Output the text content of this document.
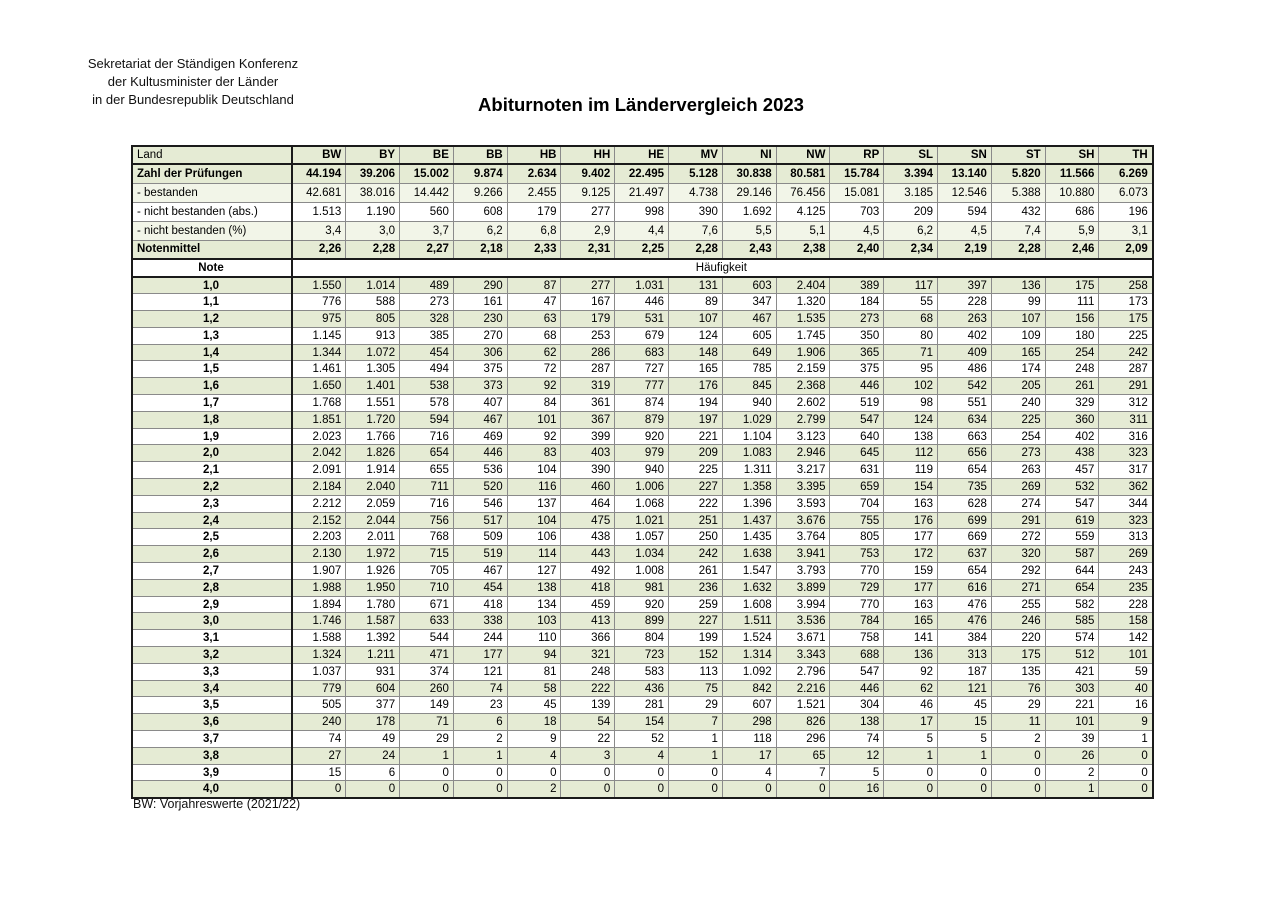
Sekretariat der Ständigen Konferenz
der Kultusminister der Länder
in der Bundesrepublik Deutschland	Abiturnoten im Ländervergleich 2023
Land	BW	BY	BE	BB	HB	HH	HE	MV	NI	NW	RP	SL	SN	ST	SH	TH
Zahl der Prüfungen	44.194	39.206	15.002	9.874	2.634	9.402	22.495	5.128	30.838	80.581	15.784	3.394	13.140	5.820	11.566	6.269
- bestanden	42.681	38.016	14.442	9.266	2.455	9.125	21.497	4.738	29.146	76.456	15.081	3.185	12.546	5.388	10.880	6.073
- nicht bestanden (abs.)	1.513	1.190	560	608	179	277	998	390	1.692	4.125	703	209	594	432	686	196
- nicht bestanden (%)	3,4	3,0	3,7	6,2	6,8	2,9	4,4	7,6	5,5	5,1	4,5	6,2	4,5	7,4	5,9	3,1
Notenmittel	2,26	2,28	2,27	2,18	2,33	2,31	2,25	2,28	2,43	2,38	2,40	2,34	2,19	2,28	2,46	2,09
Note	Häufigkeit															
1,0	1.550	1.014	489	290	87	277	1.031	131	603	2.404	389	117	397	136	175	258
1,1	776	588	273	161	47	167	446	89	347	1.320	184	55	228	99	111	173
1,2	975	805	328	230	63	179	531	107	467	1.535	273	68	263	107	156	175
1,3	1.145	913	385	270	68	253	679	124	605	1.745	350	80	402	109	180	225
1,4	1.344	1.072	454	306	62	286	683	148	649	1.906	365	71	409	165	254	242
1,5	1.461	1.305	494	375	72	287	727	165	785	2.159	375	95	486	174	248	287
1,6	1.650	1.401	538	373	92	319	777	176	845	2.368	446	102	542	205	261	291
1,7	1.768	1.551	578	407	84	361	874	194	940	2.602	519	98	551	240	329	312
1,8	1.851	1.720	594	467	101	367	879	197	1.029	2.799	547	124	634	225	360	311
1,9	2.023	1.766	716	469	92	399	920	221	1.104	3.123	640	138	663	254	402	316
2,0	2.042	1.826	654	446	83	403	979	209	1.083	2.946	645	112	656	273	438	323
2,1	2.091	1.914	655	536	104	390	940	225	1.311	3.217	631	119	654	263	457	317
2,2	2.184	2.040	711	520	116	460	1.006	227	1.358	3.395	659	154	735	269	532	362
2,3	2.212	2.059	716	546	137	464	1.068	222	1.396	3.593	704	163	628	274	547	344
2,4	2.152	2.044	756	517	104	475	1.021	251	1.437	3.676	755	176	699	291	619	323
2,5	2.203	2.011	768	509	106	438	1.057	250	1.435	3.764	805	177	669	272	559	313
2,6	2.130	1.972	715	519	114	443	1.034	242	1.638	3.941	753	172	637	320	587	269
2,7	1.907	1.926	705	467	127	492	1.008	261	1.547	3.793	770	159	654	292	644	243
2,8	1.988	1.950	710	454	138	418	981	236	1.632	3.899	729	177	616	271	654	235
2,9	1.894	1.780	671	418	134	459	920	259	1.608	3.994	770	163	476	255	582	228
3,0	1.746	1.587	633	338	103	413	899	227	1.511	3.536	784	165	476	246	585	158
3,1	1.588	1.392	544	244	110	366	804	199	1.524	3.671	758	141	384	220	574	142
3,2	1.324	1.211	471	177	94	321	723	152	1.314	3.343	688	136	313	175	512	101
3,3	1.037	931	374	121	81	248	583	113	1.092	2.796	547	92	187	135	421	59
3,4	779	604	260	74	58	222	436	75	842	2.216	446	62	121	76	303	40
3,5	505	377	149	23	45	139	281	29	607	1.521	304	46	45	29	221	16
3,6	240	178	71	6	18	54	154	7	298	826	138	17	15	11	101	9
3,7	74	49	29	2	9	22	52	1	118	296	74	5	5	2	39	1
3,8	27	24	1	1	4	3	4	1	17	65	12	1	1	0	26	0
3,9	15	6	0	0	0	0	0	0	4	7	5	0	0	0	2	0
4,0	0	0	0	0	2	0	0	0	0	0	16	0	0	0	1	0
BW: Vorjahreswerte (2021/22)
